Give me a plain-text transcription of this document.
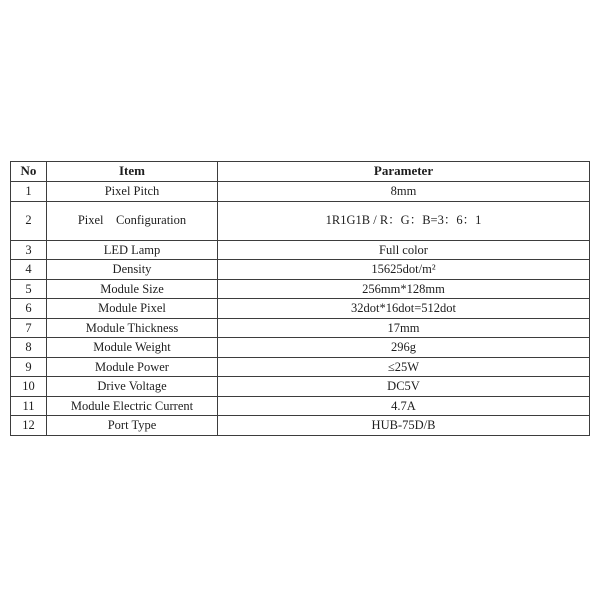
No	Item	Parameter
1	Pixel Pitch	8mm
2	Pixel    Configuration	1R1G1B / R：G：B=3：6：1
3	LED Lamp	Full color
4	Density	15625dot/m²
5	Module Size	256mm*128mm
6	Module Pixel	32dot*16dot=512dot
7	Module Thickness	17mm
8	Module Weight	296g
9	Module Power	≤25W
10	Drive Voltage	DC5V
11	Module Electric Current	4.7A
12	Port Type	HUB-75D/B
